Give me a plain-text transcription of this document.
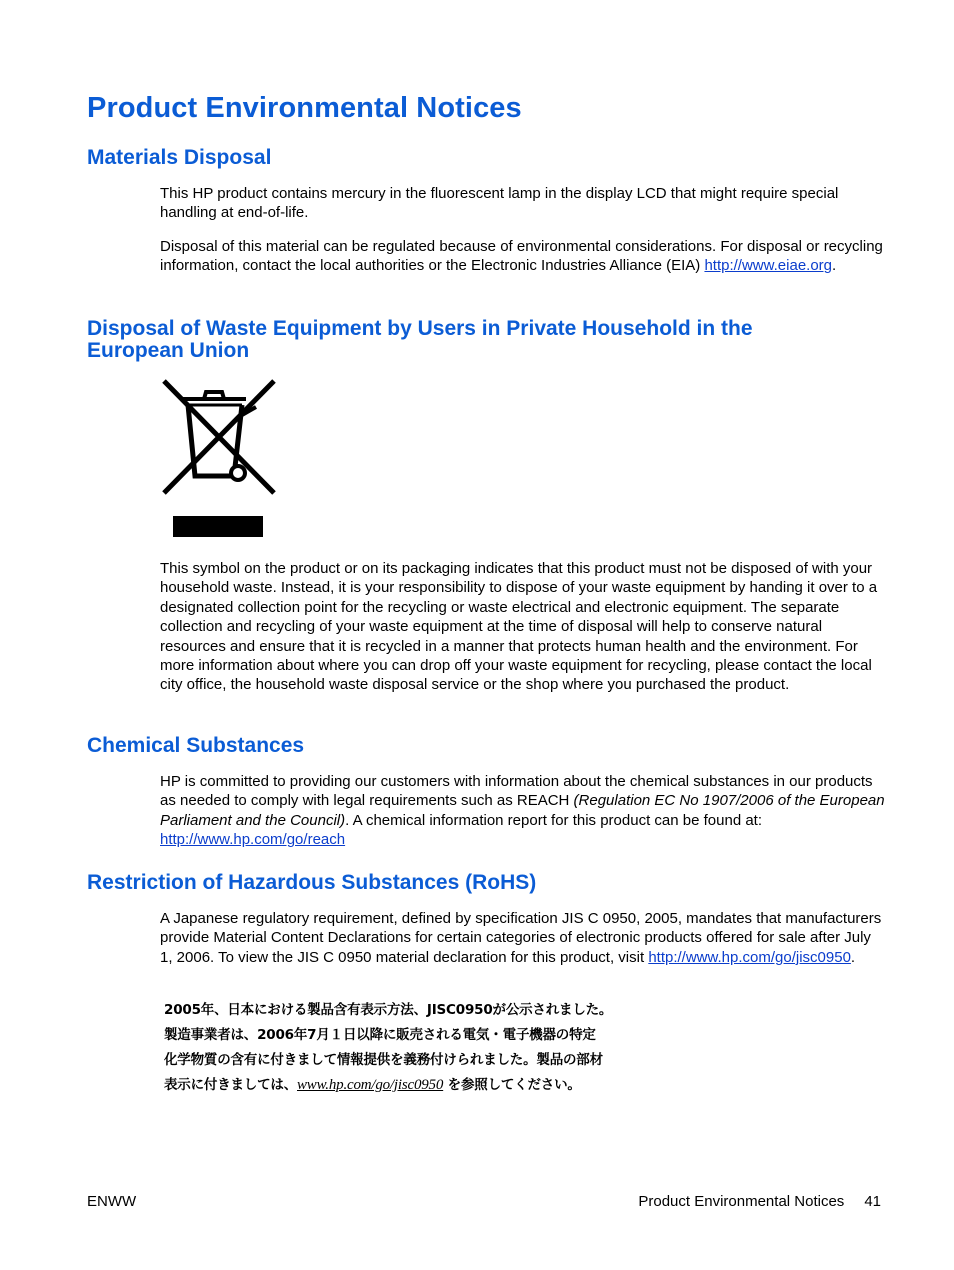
Product Environmental Notices
Materials Disposal

This HP product contains mercury in the fluorescent lamp in the display LCD that might require special handling at end-of-life.

Disposal of this material can be regulated because of environmental considerations. For disposal or recycling information, contact the local authorities or the Electronic Industries Alliance (EIA) http://www.eiae.org.

Disposal of Waste Equipment by Users in Private Household in the
European Union

This symbol on the product or on its packaging indicates that this product must not be disposed of with your household waste. Instead, it is your responsibility to dispose of your waste equipment by handing it over to a designated collection point for the recycling or waste electrical and electronic equipment. The separate collection and recycling of your waste equipment at the time of disposal will help to conserve natural resources and ensure that it is recycled in a manner that protects human health and the environment. For more information about where you can drop off your waste equipment for recycling, please contact the local city office, the household waste disposal service or the shop where you purchased the product.

Chemical Substances

HP is committed to providing our customers with information about the chemical substances in our products as needed to comply with legal requirements such as REACH (Regulation EC No 1907/2006 of the European Parliament and the Council). A chemical information report for this product can be found at: http://www.hp.com/go/reach

Restriction of Hazardous Substances (RoHS)

A Japanese regulatory requirement, defined by specification JIS C 0950, 2005, mandates that manufacturers provide Material Content Declarations for certain categories of electronic products offered for sale after July 1, 2006. To view the JIS C 0950 material declaration for this product, visit http://www.hp.com/go/jisc0950.

2005年、日本における製品含有表示方法、JISC0950が公示されました。
製造事業者は、2006年7月１日以降に販売される電気・電子機器の特定
化学物質の含有に付きまして情報提供を義務付けられました。製品の部材
表示に付きましては、www.hp.com/go/jisc0950 を参照してください。
ENWW	Product Environmental Notices 41
